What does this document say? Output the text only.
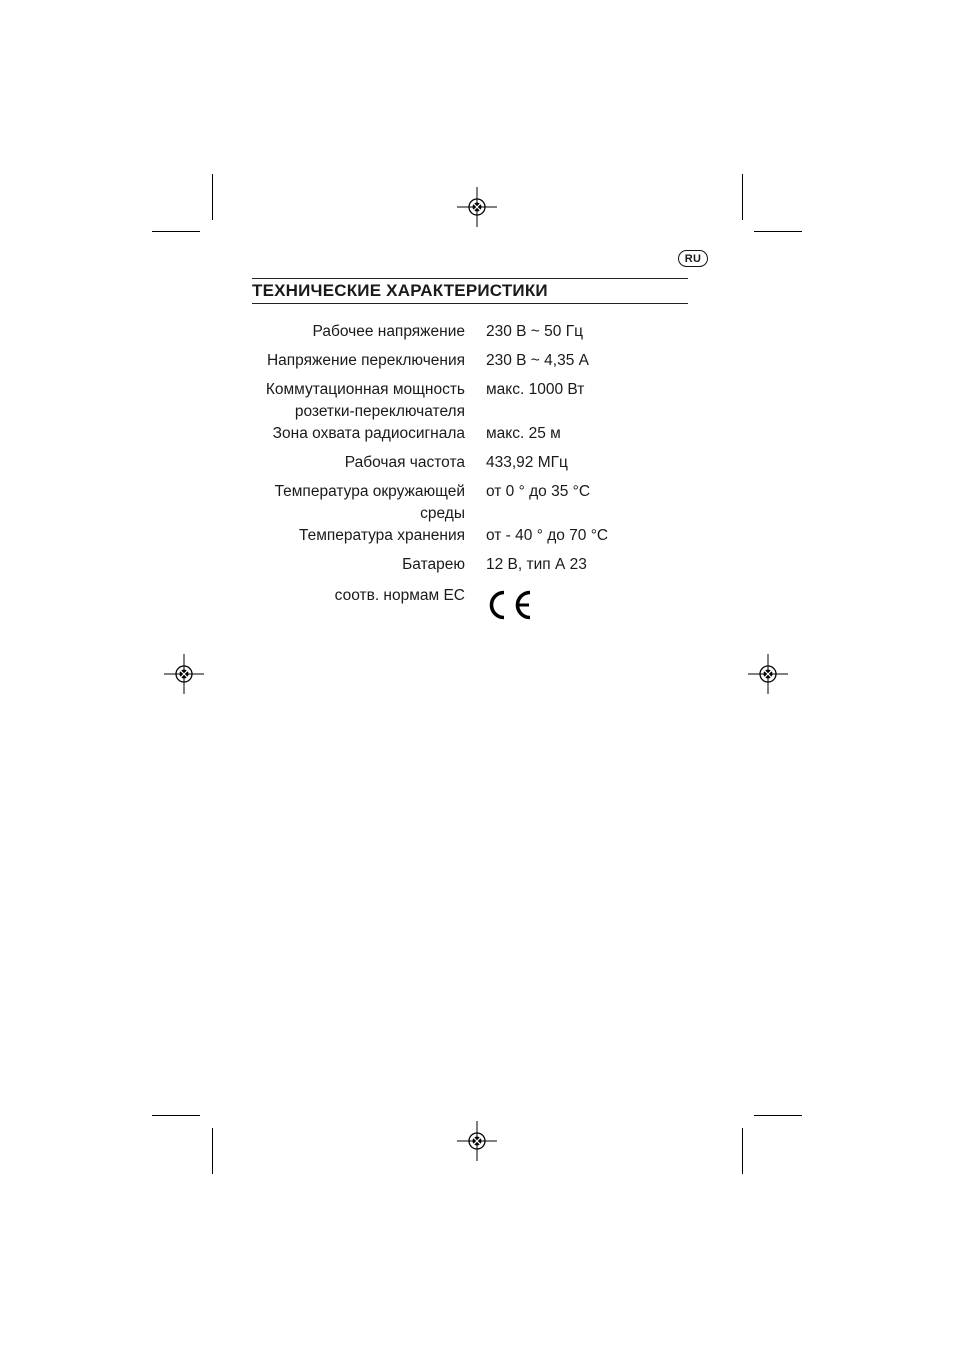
RU
ТЕХНИЧЕСКИЕ ХАРАКТЕРИСТИКИ
Рабочее напряжение 230 В ~ 50 Гц
Напряжение переключения 230 В ~ 4,35 А
Коммутационная мощность
розетки-переключателя
макс. 1000 Вт
Зона охвата радиосигнала макс. 25 м
Рабочая частота 433,92 МГц
Температура окружающей
среды
от 0 ° до 35 °C
Температура хранения от - 40 ° до 70 °C
Батарею 12 В, тип А 23
соотв. нормам ЕС
